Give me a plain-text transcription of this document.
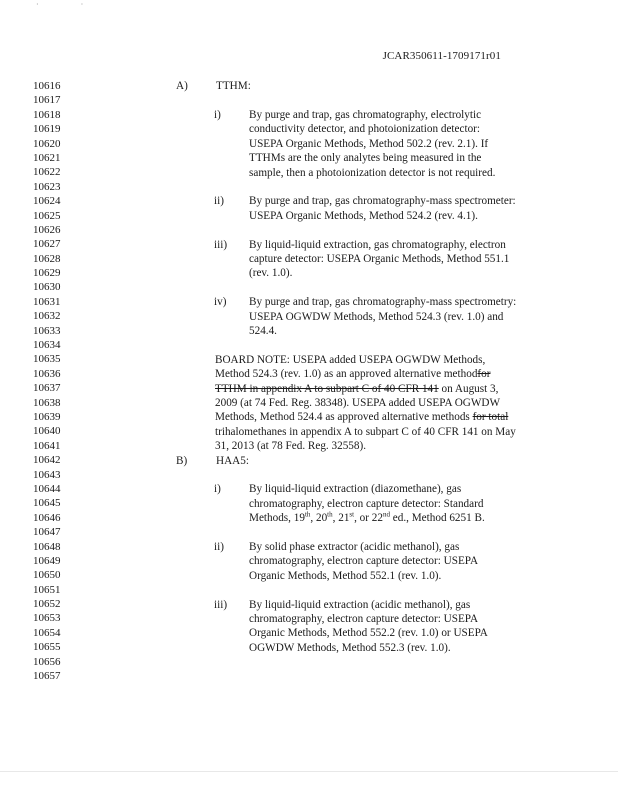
· ·
JCAR350611-1709171r01
10616
10617
10618
10619
10620
10621
10622
10623
10624
10625
10626
10627
10628
10629
10630
10631
10632
10633
10634
10635
10636
10637
10638
10639
10640
10641
10642
10643
10644
10645
10646
10647
10648
10649
10650
10651
10652
10653
10654
10655
10656
10657
A)	TTHM:
i)	By purge and trap, gas chromatography, electrolytic
conductivity detector, and photoionization detector:
USEPA Organic Methods, Method 502.2 (rev. 2.1). If
TTHMs are the only analytes being measured in the
sample, then a photoionization detector is not required.
ii) By purge and trap, gas chromatography-mass spectrometer:
USEPA Organic Methods, Method 524.2 (rev. 4.1).
iii) By liquid-liquid extraction, gas chromatography, electron
capture detector: USEPA Organic Methods, Method 551.1
(rev. 1.0).
iv) By purge and trap, gas chromatography-mass spectrometry:
USEPA OGWDW Methods, Method 524.3 (rev. 1.0) and
524.4.
BOARD NOTE: USEPA added USEPA OGWDW Methods,
Method 524.3 (rev. 1.0) as an approved alternative methodfor
TTHM in appendix A to subpart C of 40 CFR 141 on August 3,
2009 (at 74 Fed. Reg. 38348). USEPA added USEPA OGWDW
Methods, Method 524.4 as approved alternative methods for total
trihalomethanes in appendix A to subpart C of 40 CFR 141 on May
31, 2013 (at 78 Fed. Reg. 32558).
B)	HAA5:
i)	By liquid-liquid extraction (diazomethane), gas
chromatography, electron capture detector: Standard
Methods, 19th, 20th, 21st, or 22nd ed., Method 6251 B.
ii) By solid phase extractor (acidic methanol), gas
chromatography, electron capture detector: USEPA
Organic Methods, Method 552.1 (rev. 1.0).
iii) By liquid-liquid extraction (acidic methanol), gas
chromatography, electron capture detector: USEPA
Organic Methods, Method 552.2 (rev. 1.0) or USEPA
OGWDW Methods, Method 552.3 (rev. 1.0).
